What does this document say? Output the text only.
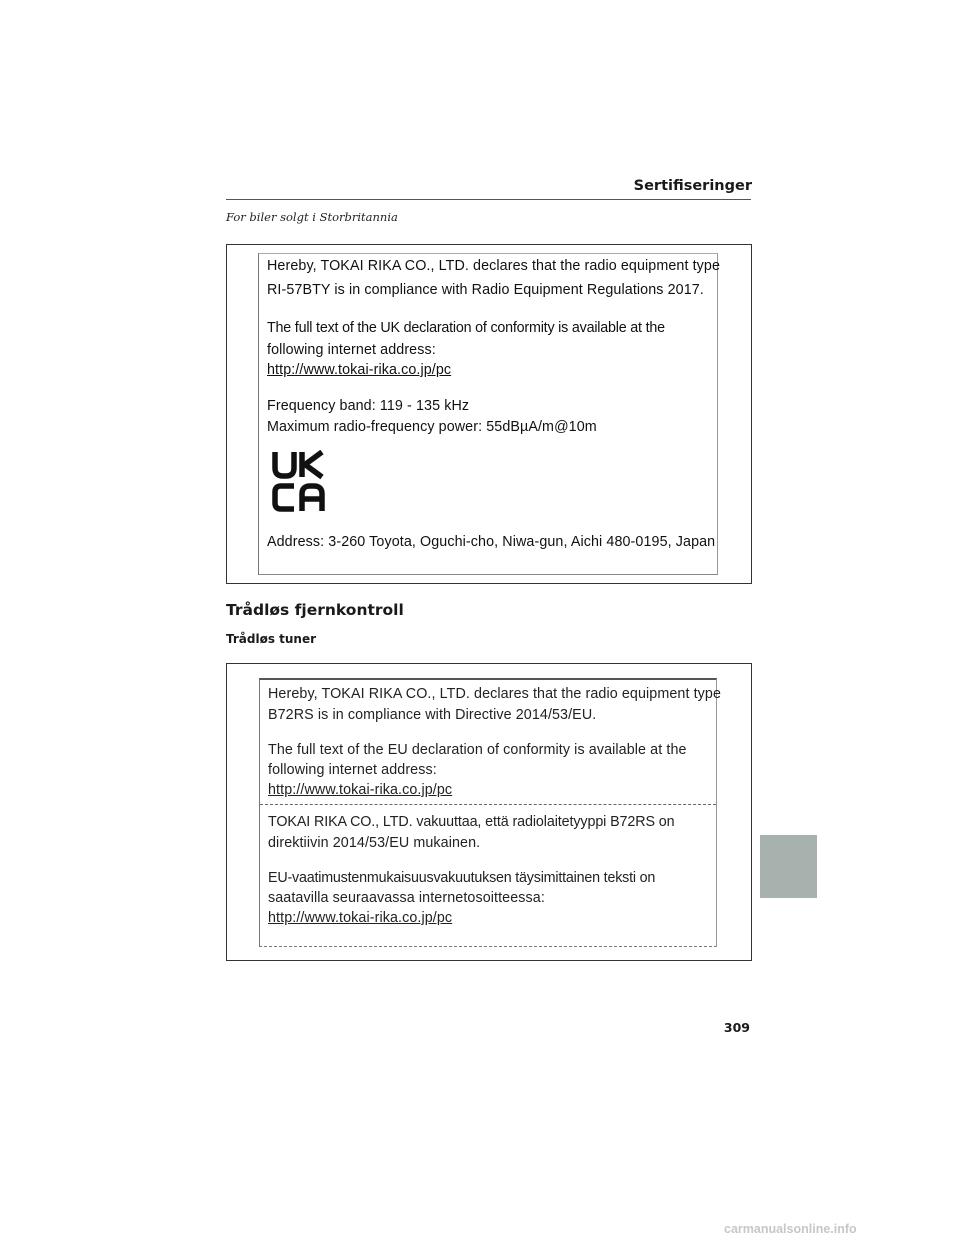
Sertifiseringer
For biler solgt i Storbritannia
Hereby, TOKAI RIKA CO., LTD. declares that the radio equipment type
RI-57BTY is in compliance with Radio Equipment Regulations 2017.
The full text of the UK declaration of conformity is available at the
following internet address:
http://www.tokai-rika.co.jp/pc
Frequency band: 119 - 135 kHz
Maximum radio-frequency power: 55dBµA/m@10m
Address: 3-260 Toyota, Oguchi-cho, Niwa-gun, Aichi 480-0195, Japan
Trådløs fjernkontroll
Trådløs tuner
Hereby, TOKAI RIKA CO., LTD. declares that the radio equipment type
B72RS is in compliance with Directive 2014/53/EU.
The full text of the EU declaration of conformity is available at the
following internet address:
http://www.tokai-rika.co.jp/pc
TOKAI RIKA CO., LTD. vakuuttaa, että radiolaitetyyppi B72RS on
direktiivin 2014/53/EU mukainen.
EU-vaatimustenmukaisuusvakuutuksen täysimittainen teksti on
saatavilla seuraavassa internetosoitteessa:
http://www.tokai-rika.co.jp/pc
309
carmanualsonline.info
